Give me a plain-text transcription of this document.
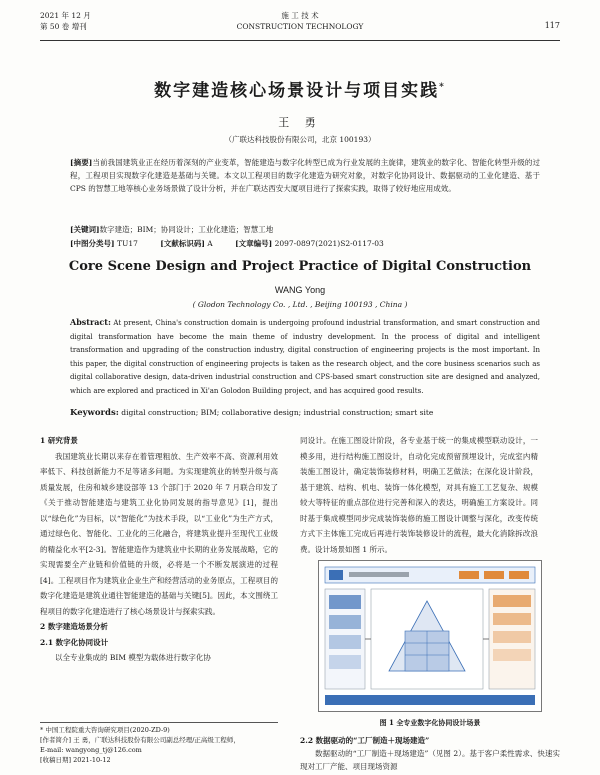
2021 年 12 月
第 50 卷 增刊
施 工 技 术
CONSTRUCTION TECHNOLOGY	117
数字建造核心场景设计与项目实践*
王 勇
（广联达科技股份有限公司，北京 100193）
[摘要]当前我国建筑业正在经历着深刻的产业变革，智能建造与数字化转型已成为行业发展的主旋律，建筑业的数字化、智能化转型升级的过程，工程项目实现数字化建造是基础与关键。本文以工程项目的数字化建造为研究对象，对数字化协同设计、数据驱动的工业化建造、基于 CPS 的智慧工地等核心业务场景做了设计分析，并在广联达西安大厦项目进行了探索实践，取得了较好地应用成效。
[关键词]数字建造；BIM；协同设计；工业化建造；智慧工地
[中图分类号] TU17	[文献标识码] A	[文章编号] 2097-0897(2021)S2-0117-03
Core Scene Design and Project Practice of Digital Construction
WANG Yong
( Glodon Technology Co. , Ltd. , Beijing 100193 , China )
Abstract: At present, China's construction domain is undergoing profound industrial transformation, and smart construction and digital transformation have become the main theme of industry development. In the process of digital and intelligent transformation and upgrading of the construction industry, digital construction of engineering projects is the most important. In this paper, the digital construction of engineering projects is taken as the research object, and the core business scenarios such as digital collaborative design, data-driven industrial construction and CPS-based smart construction site are designed and analyzed, which are explored and practiced in Xi'an Golodon Building project, and has acquired good results.
Keywords: digital construction; BIM; collaborative design; industrial construction; smart site
1 研究背景

我国建筑业长期以来存在着管理粗放、生产效率不高、资源利用效率低下、科技创新能力不足等诸多问题。为实现建筑业的转型升级与高质量发展，住房和城乡建设部等 13 个部门于 2020 年 7 月联合印发了《关于推动智能建造与建筑工业化协同发展的指导意见》[1]，提出以“绿色化”为目标，以“智能化”为技术手段，以“工业化”为生产方式，通过绿色化、智能化、工业化的三化融合，将建筑业提升至现代工业级的精益化水平[2-3]。智能建造作为建筑业中长期的业务发展战略，它的实现需要全产业链和价值链的升级，必将是一个不断发展演进的过程[4]。工程项目作为建筑业企业生产和经营活动的业务原点，工程项目的数字化建造是建筑业通往智能建造的基础与关键[5]。因此，本文围绕工程项目的数字化建造进行了核心场景设计与探索实践。

2 数字建造场景分析
2.1 数字化协同设计

以全专业集成的 BIM 模型为载体进行数字化协

同设计。在施工图设计阶段，各专业基于统一的集成模型联动设计，一模多用，进行结构施工图设计，自动化完成预留预埋设计，完成室内精装施工图设计，确定装饰装修材料，明确工艺做法；在深化设计阶段，基于建筑、结构、机电、装饰一体化模型，对具有施工工艺复杂、规模较大等特征的重点部位进行完善和深入的表达，明确施工方案设计。同时基于集成模型同步完成装饰装修的施工图设计调整与深化，改变传统方式下主体施工完成后再进行装饰装修设计的流程，最大化消除拆改浪费。设计场景如图 1 所示。

图 1 全专业数字化协同设计场景
2.2 数据驱动的“工厂制造＋现场建造”

数据驱动的“工厂制造＋现场建造”（见图 2）。基于客户柔性需求、快速实现对工厂产能、项目现场资源

* 中国工程院重大咨询研究项目(2020-ZD-9)
[作者简介] 王 勇，广联达科技股份有限公司副总经理/正高级工程师，
E-mail: wangyong_tj@126.com
[收稿日期] 2021-10-12
